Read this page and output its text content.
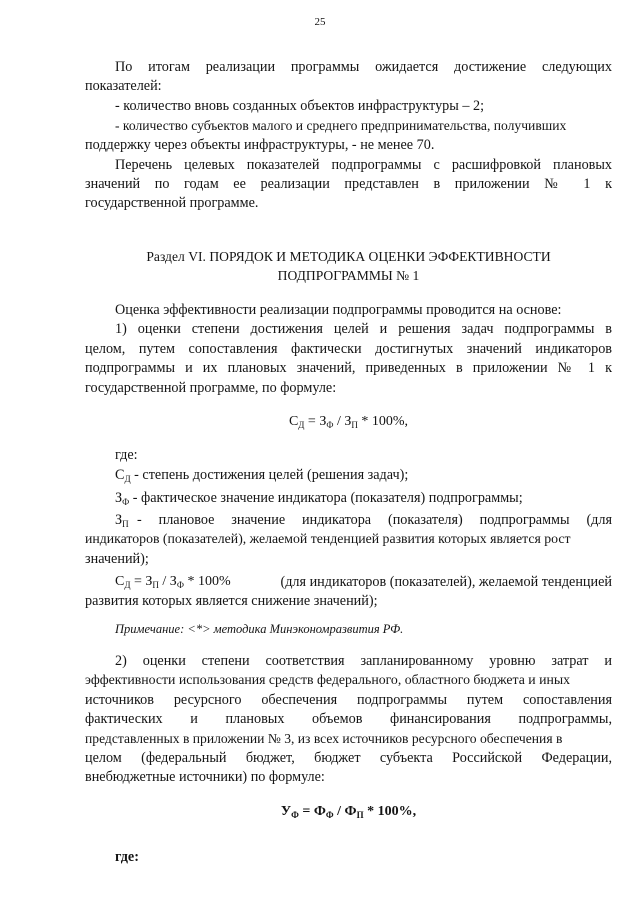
25
По итогам реализации программы ожидается достижение следующих
показателей:
- количество вновь созданных объектов инфраструктуры – 2;
- количество субъектов малого и среднего предпринимательства, получивших
поддержку через объекты инфраструктуры, - не менее 70.
Перечень целевых показателей подпрограммы с расшифровкой плановых
значений по годам ее реализации представлен в приложении № 1 к
государственной программе.
Раздел VI. ПОРЯДОК И МЕТОДИКА ОЦЕНКИ ЭФФЕКТИВНОСТИ
ПОДПРОГРАММЫ № 1
Оценка эффективности реализации подпрограммы проводится на основе:
1) оценки степени достижения целей и решения задач подпрограммы в
целом, путем сопоставления фактически достигнутых значений индикаторов
подпрограммы и их плановых значений, приведенных в приложении № 1 к
государственной программе, по формуле:
$С_Д = З_Ф / З_П * 100\%$,
где:
$С_Д$ - степень достижения целей (решения задач);
$З_Ф$ - фактическое значение индикатора (показателя) подпрограммы;
$З_П$ - плановое значение индикатора (показателя) подпрограммы (для
индикаторов (показателей), желаемой тенденцией развития которых является рост
значений);
$С_Д = З_П / З_Ф * 100\%$	(для индикаторов (показателей), желаемой тенденцией
развития которых является снижение значений);
Примечание: <*> методика Минэкономразвития РФ.
2) оценки степени соответствия запланированному уровню затрат и
эффективности использования средств федерального, областного бюджета и иных
источников ресурсного обеспечения подпрограммы путем сопоставления
фактических и плановых объемов финансирования подпрограммы,
представленных в приложении № 3, из всех источников ресурсного обеспечения в
целом (федеральный бюджет, бюджет субъекта Российской Федерации,
внебюджетные источники) по формуле:
$У_Ф = Ф_Ф / Ф_П * 100\%$,
где:
